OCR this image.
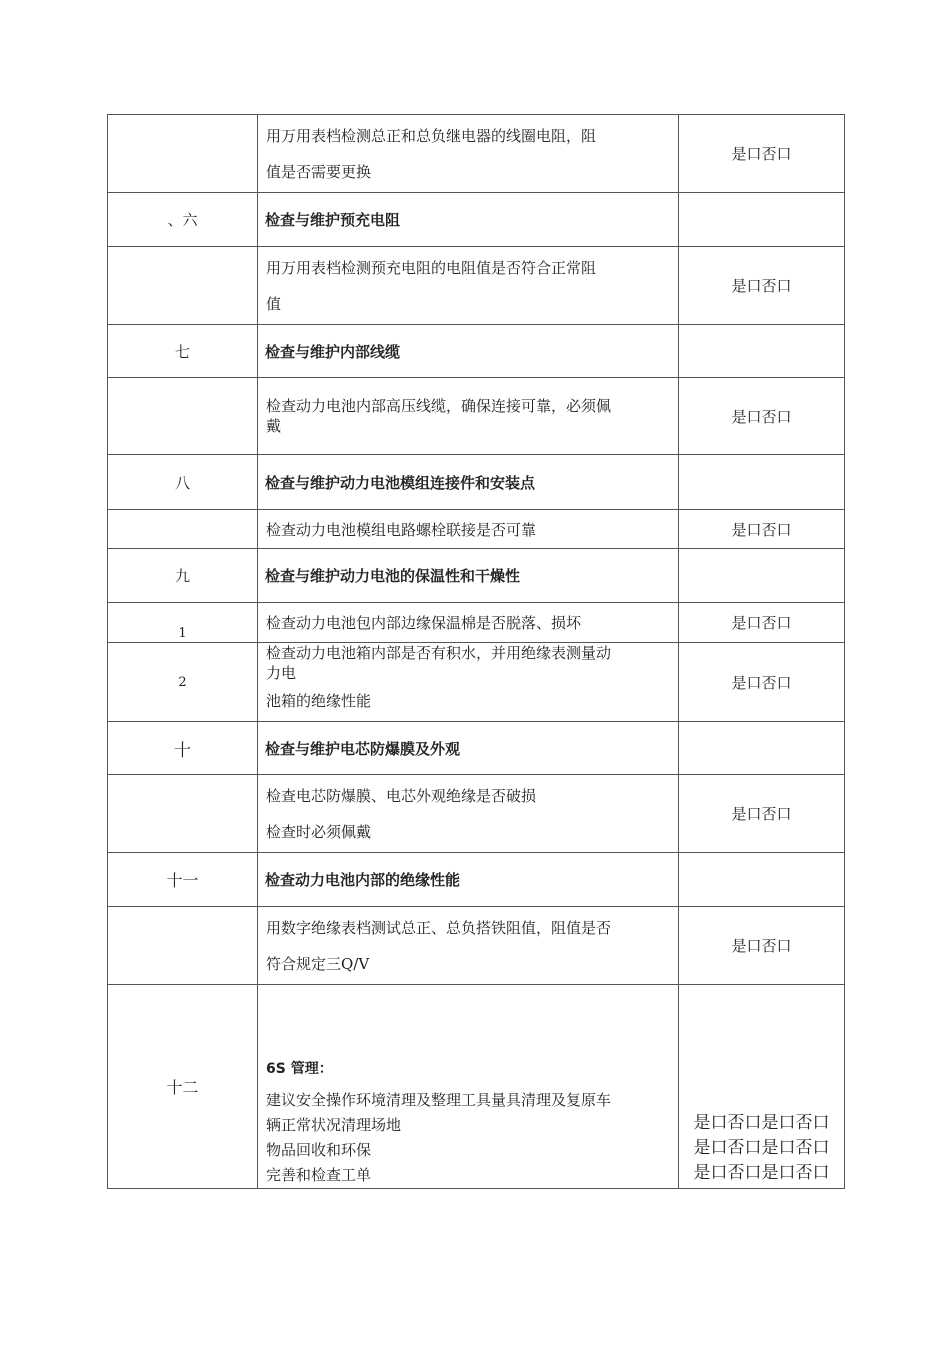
	用万用表档检测总正和总负继电器的线圈电阻，阻
值是否需要更换	是口否口
、六	检查与维护预充电阻	

	用万用表档检测预充电阻的电阻值是否符合正常阻
值	是口否口
七	检查与维护内部线缆	

	检查动力电池内部高压线缆，确保连接可靠，必须佩
戴	是口否口
八	检查与维护动力电池模组连接件和安装点	

	检查动力电池模组电路螺栓联接是否可靠	是口否口
九	检查与维护动力电池的保温性和干燥性	
1	检查动力电池包内部边缘保温棉是否脱落、损坏	是口否口
2	检查动力电池箱内部是否有积水，并用绝缘表测量动
力电
池箱的绝缘性能	是口否口
十	检查与维护电芯防爆膜及外观	

	检查电芯防爆膜、电芯外观绝缘是否破损
检查时必须佩戴	是口否口
十一	检查动力电池内部的绝缘性能	

	用数字绝缘表档测试总正、总负搭铁阻值，阻值是否
符合规定三Q/V	是口否口
十二	6S 管理：
建议安全操作环境清理及整理工具量具清理及复原车
辆正常状况清理场地
物品回收和环保
完善和检查工单	是口否口是口否口是口否口是口否口是口否口是口否口
